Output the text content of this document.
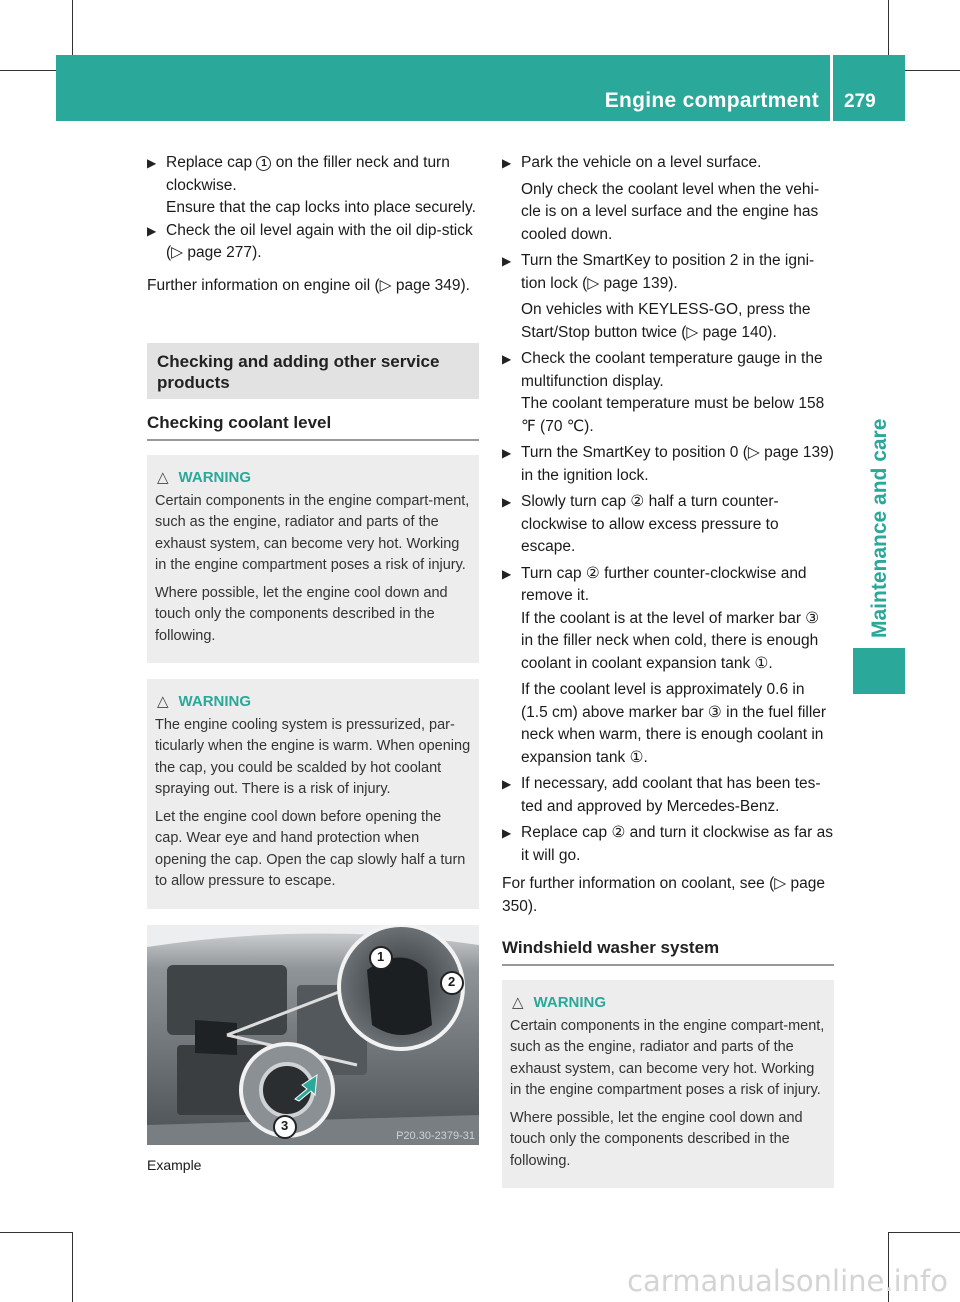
Engine compartment 279
Maintenance and care
▶ Replace cap 1 on the filler neck and turn clockwise.
Ensure that the cap locks into place securely.
▶ Check the oil level again with the oil dip-stick (▷ page 277).

Further information on engine oil (▷ page 349).

Checking and adding other service products
Checking coolant level
△ WARNING

Certain components in the engine compart-ment, such as the engine, radiator and parts of the exhaust system, can become very hot. Working in the engine compartment poses a risk of injury.

Where possible, let the engine cool down and touch only the components described in the following.

△ WARNING

The engine cooling system is pressurized, par-ticularly when the engine is warm. When opening the cap, you could be scalded by hot coolant spraying out. There is a risk of injury.

Let the engine cool down before opening the cap. Wear eye and hand protection when opening the cap. Open the cap slowly half a turn to allow pressure to escape.

1
2
3
P20.30-2379-31
Example
▶ Park the vehicle on a level surface.
Only check the coolant level when the vehi-cle is on a level surface and the engine has cooled down.
▶ Turn the SmartKey to position 2 in the igni-tion lock (▷ page 139).
On vehicles with KEYLESS-GO, press the Start/Stop button twice (▷ page 140).
▶ Check the coolant temperature gauge in the multifunction display.
The coolant temperature must be below 158 ℉ (70 ℃).
▶ Turn the SmartKey to position 0 (▷ page 139) in the ignition lock.
▶ Slowly turn cap ② half a turn counter-clockwise to allow excess pressure to escape.
▶ Turn cap ② further counter-clockwise and remove it.
If the coolant is at the level of marker bar ③ in the filler neck when cold, there is enough coolant in coolant expansion tank ①.
If the coolant level is approximately 0.6 in (1.5 cm) above marker bar ③ in the fuel filler neck when warm, there is enough coolant in expansion tank ①.
▶ If necessary, add coolant that has been tes-ted and approved by Mercedes-Benz.
▶ Replace cap ② and turn it clockwise as far as it will go.

For further information on coolant, see (▷ page 350).

Windshield washer system
△ WARNING

Certain components in the engine compart-ment, such as the engine, radiator and parts of the exhaust system, can become very hot. Working in the engine compartment poses a risk of injury.

Where possible, let the engine cool down and touch only the components described in the following.

carmanualsonline.info
